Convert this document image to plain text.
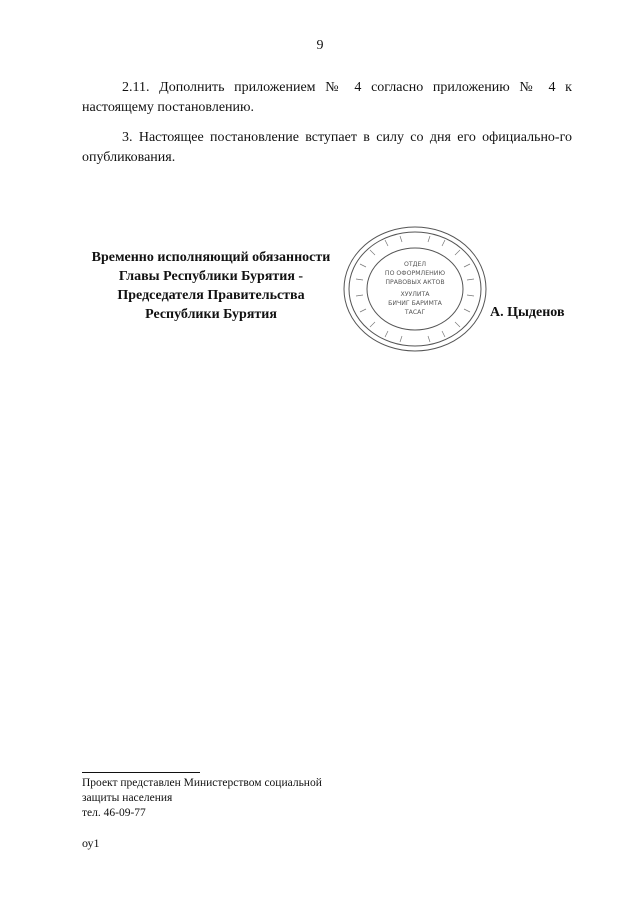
9

2.11. Дополнить приложением № 4 согласно приложению № 4 к настоящему постановлению.

3. Настоящее постановление вступает в силу со дня его официально-го опубликования.

Временно исполняющий обязанности
Главы Республики Бурятия -
Председателя Правительства
Республики Бурятия
ОТДЕЛ
ПО ОФОРМЛЕНИЮ
ПРАВОВЫХ АКТОВ
ХУУЛИТА
БИЧИГ БАРИМТА
ТАСАГ	А. Цыденов
Проект представлен Министерством социальной
защиты населения
тел. 46-09-77
оу1
